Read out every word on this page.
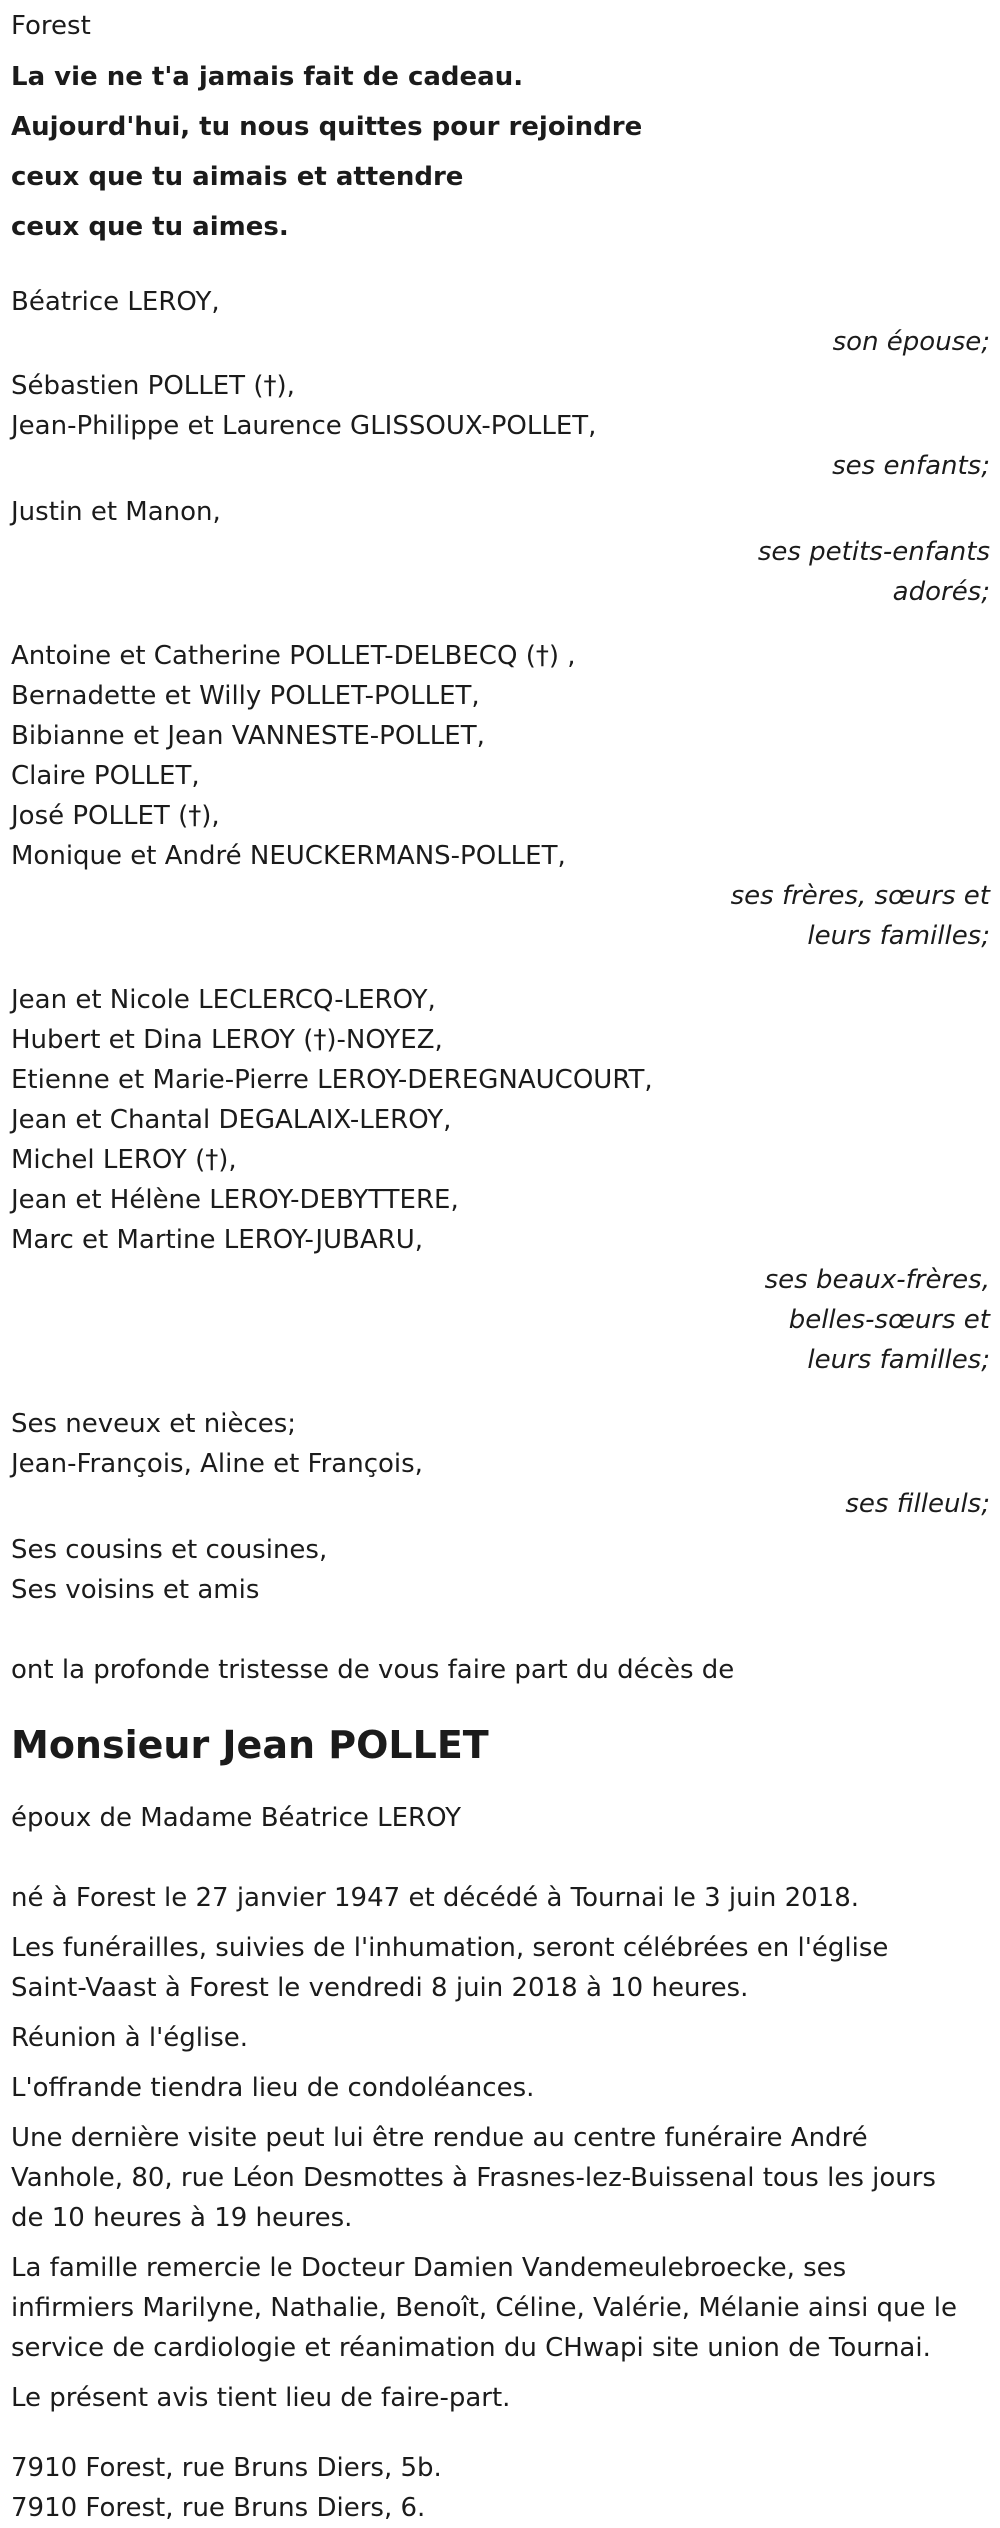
Forest
La vie ne t'a jamais fait de cadeau.
Aujourd'hui, tu nous quittes pour rejoindre
ceux que tu aimais et attendre
ceux que tu aimes.
Béatrice LEROY,
son épouse;
Sébastien POLLET (†),
Jean-Philippe et Laurence GLISSOUX-POLLET,
ses enfants;
Justin et Manon,
ses petits-enfants
adorés;
Antoine et Catherine POLLET-DELBECQ (†) ,
Bernadette et Willy POLLET-POLLET,
Bibianne et Jean VANNESTE-POLLET,
Claire POLLET,
José POLLET (†),
Monique et André NEUCKERMANS-POLLET,
ses frères, sœurs et
leurs familles;
Jean et Nicole LECLERCQ-LEROY,
Hubert et Dina LEROY (†)-NOYEZ,
Etienne et Marie-Pierre LEROY-DEREGNAUCOURT,
Jean et Chantal DEGALAIX-LEROY,
Michel LEROY (†),
Jean et Hélène LEROY-DEBYTTERE,
Marc et Martine LEROY-JUBARU,
ses beaux-frères,
belles-sœurs et
leurs familles;
Ses neveux et nièces;
Jean-François, Aline et François,
ses filleuls;
Ses cousins et cousines,
Ses voisins et amis
ont la profonde tristesse de vous faire part du décès de
Monsieur Jean POLLET
époux de Madame Béatrice LEROY
né à Forest le 27 janvier 1947 et décédé à Tournai le 3 juin 2018.
Les funérailles, suivies de l'inhumation, seront célébrées en l'église
Saint-Vaast à Forest le vendredi 8 juin 2018 à 10 heures.
Réunion à l'église.
L'offrande tiendra lieu de condoléances.
Une dernière visite peut lui être rendue au centre funéraire André
Vanhole, 80, rue Léon Desmottes à Frasnes-lez-Buissenal tous les jours
de 10 heures à 19 heures.
La famille remercie le Docteur Damien Vandemeulebroecke, ses
infirmiers Marilyne, Nathalie, Benoît, Céline, Valérie, Mélanie ainsi que le
service de cardiologie et réanimation du CHwapi site union de Tournai.
Le présent avis tient lieu de faire-part.
7910 Forest, rue Bruns Diers, 5b.
7910 Forest, rue Bruns Diers, 6.
